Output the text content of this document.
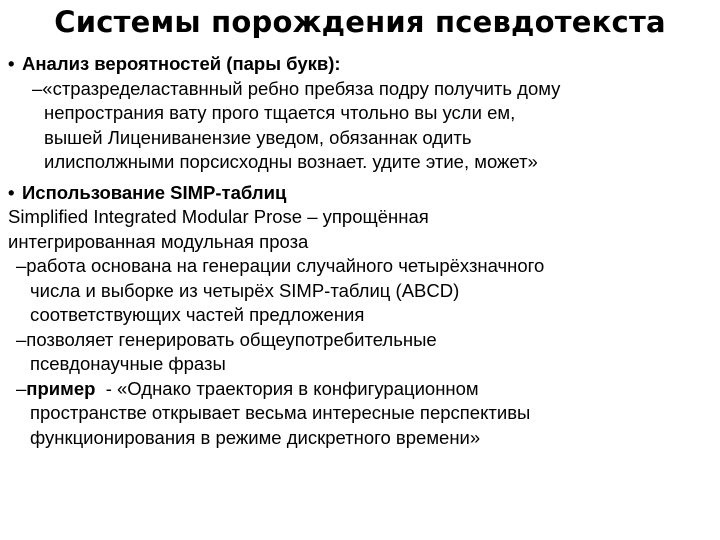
Системы порождения псевдотекста
• Анализ вероятностей (пары букв):
–«стразределаставнный ребно пребяза подру получить дому
непространия вату прого тщается чтольно вы усли ем,
вышей Лицениванензие уведом, обязаннак одить
илисполжными порсисходны вознает. удите этие, может»
• Использование SIMP-таблиц
Simplified Integrated Modular Prose – упрощённая
интегрированная модульная проза
–работа основана на генерации случайного четырёхзначного
числа и выборке из четырёх SIMP-таблиц (ABCD)
соответствующих частей предложения
–позволяет генерировать общеупотребительные
псевдонаучные фразы
–пример  - «Однако траектория в конфигурационном
пространстве открывает весьма интересные перспективы
функционирования в режиме дискретного времени»
